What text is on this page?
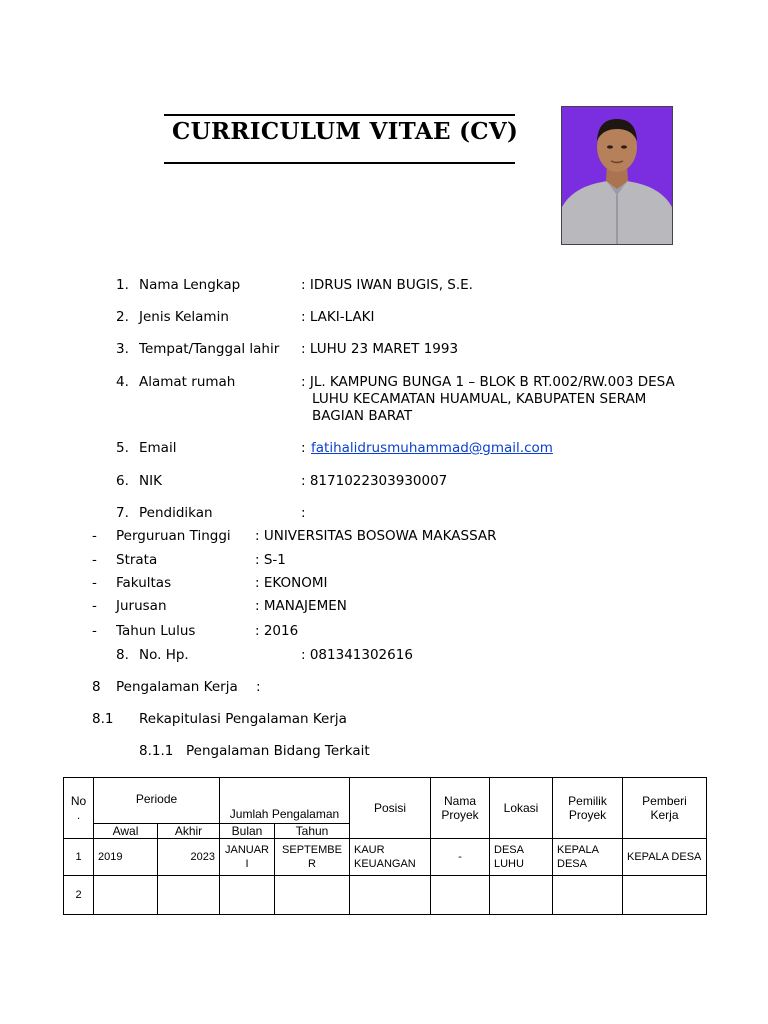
CURRICULUM VITAE (CV)
1. Nama Lengkap	: IDRUS IWAN BUGIS, S.E.
2. Jenis Kelamin	: LAKI-LAKI
3. Tempat/Tanggal lahir : LUHU 23 MARET 1993
4. Alamat rumah	: JL. KAMPUNG BUNGA 1 – BLOK B RT.002/RW.003 DESA
LUHU KECAMATAN HUAMUAL, KABUPATEN SERAM
BAGIAN BARAT
5. Email	: fatihalidrusmuhammad@gmail.com
6. NIK	: 8171022303930007
7. Pendidikan	:
- Perguruan Tinggi : UNIVERSITAS BOSOWA MAKASSAR
- Strata	: S-1
- Fakultas	: EKONOMI
- Jurusan	: MANAJEMEN
- Tahun Lulus	: 2016
8. No. Hp.	: 081341302616
8 Pengalaman Kerja :
8.1 Rekapitulasi Pengalaman Kerja
8.1.1 Pengalaman Bidang Terkait
No
.	Periode		Jumlah Pengalaman		Posisi	Nama Proyek	Lokasi	Pemilik Proyek	Pemberi Kerja
	Awal	Akhir	Bulan	Tahun					
1	2019	2023	JANUARI	SEPTEMBER	KAUR KEUANGAN	-	DESA LUHU	KEPALA DESA	KEPALA DESA
2									
